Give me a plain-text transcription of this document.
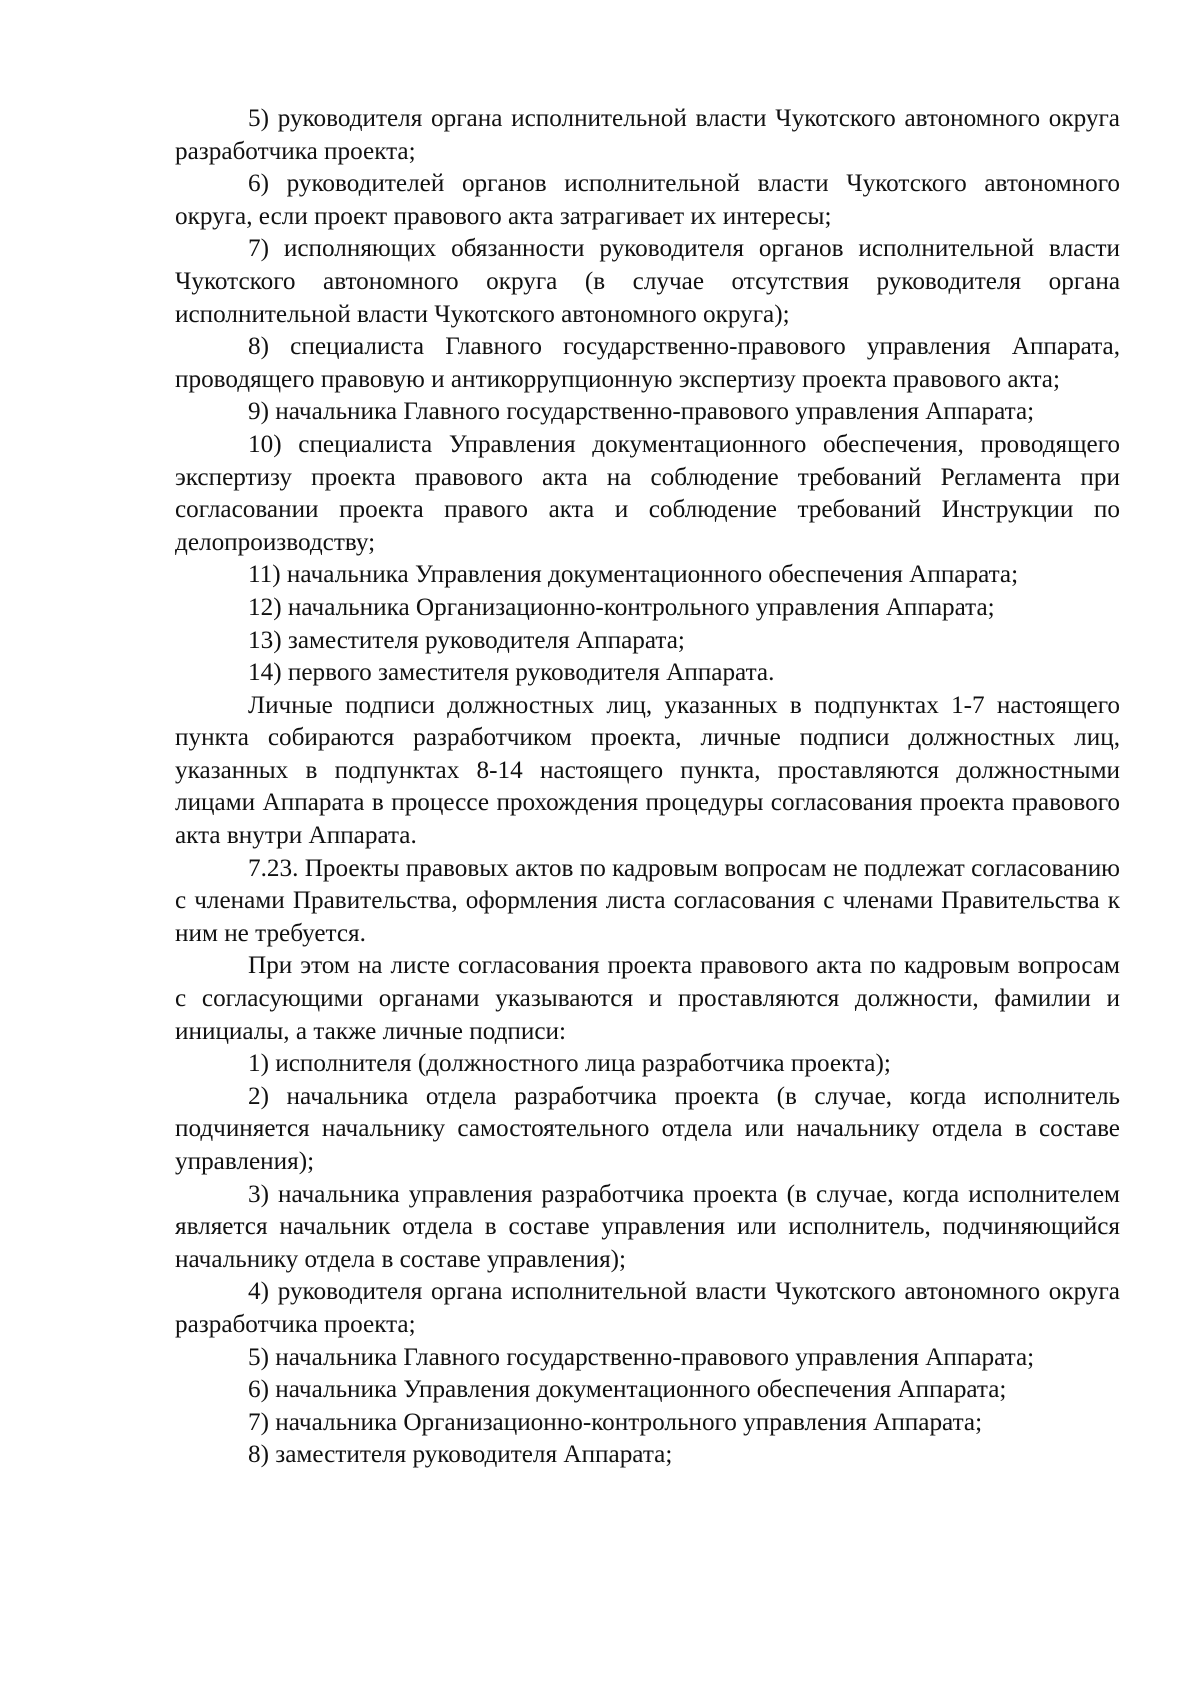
5) руководителя органа исполнительной власти Чукотского автономного округа разработчика проекта;

6) руководителей органов исполнительной власти Чукотского автономного округа, если проект правового акта затрагивает их интересы;

7) исполняющих обязанности руководителя органов исполнительной власти Чукотского автономного округа (в случае отсутствия руководителя органа исполнительной власти Чукотского автономного округа);

8) специалиста Главного государственно-правового управления Аппарата, проводящего правовую и антикоррупционную экспертизу проекта правового акта;

9) начальника Главного государственно-правового управления Аппарата;

10) специалиста Управления документационного обеспечения, проводящего экспертизу проекта правового акта на соблюдение требований Регламента при согласовании проекта правого акта и соблюдение требований Инструкции по делопроизводству;

11) начальника Управления документационного обеспечения Аппарата;

12) начальника Организационно-контрольного управления Аппарата;

13) заместителя руководителя Аппарата;

14) первого заместителя руководителя Аппарата.

Личные подписи должностных лиц, указанных в подпунктах 1-7 настоящего пункта собираются разработчиком проекта, личные подписи должностных лиц, указанных в подпунктах 8-14 настоящего пункта, проставляются должностными лицами Аппарата в процессе прохождения процедуры согласования проекта правового акта внутри Аппарата.

7.23. Проекты правовых актов по кадровым вопросам не подлежат согласованию с членами Правительства, оформления листа согласования с членами Правительства к ним не требуется.

При этом на листе согласования проекта правового акта по кадровым вопросам с согласующими органами указываются и проставляются должности, фамилии и инициалы, а также личные подписи:

1) исполнителя (должностного лица разработчика проекта);

2) начальника отдела разработчика проекта (в случае, когда исполнитель подчиняется начальнику самостоятельного отдела или начальнику отдела в составе управления);

3) начальника управления разработчика проекта (в случае, когда исполнителем является начальник отдела в составе управления или исполнитель, подчиняющийся начальнику отдела в составе управления);

4) руководителя органа исполнительной власти Чукотского автономного округа разработчика проекта;

5) начальника Главного государственно-правового управления Аппарата;

6) начальника Управления документационного обеспечения Аппарата;

7) начальника Организационно-контрольного управления Аппарата;

8) заместителя руководителя Аппарата;
